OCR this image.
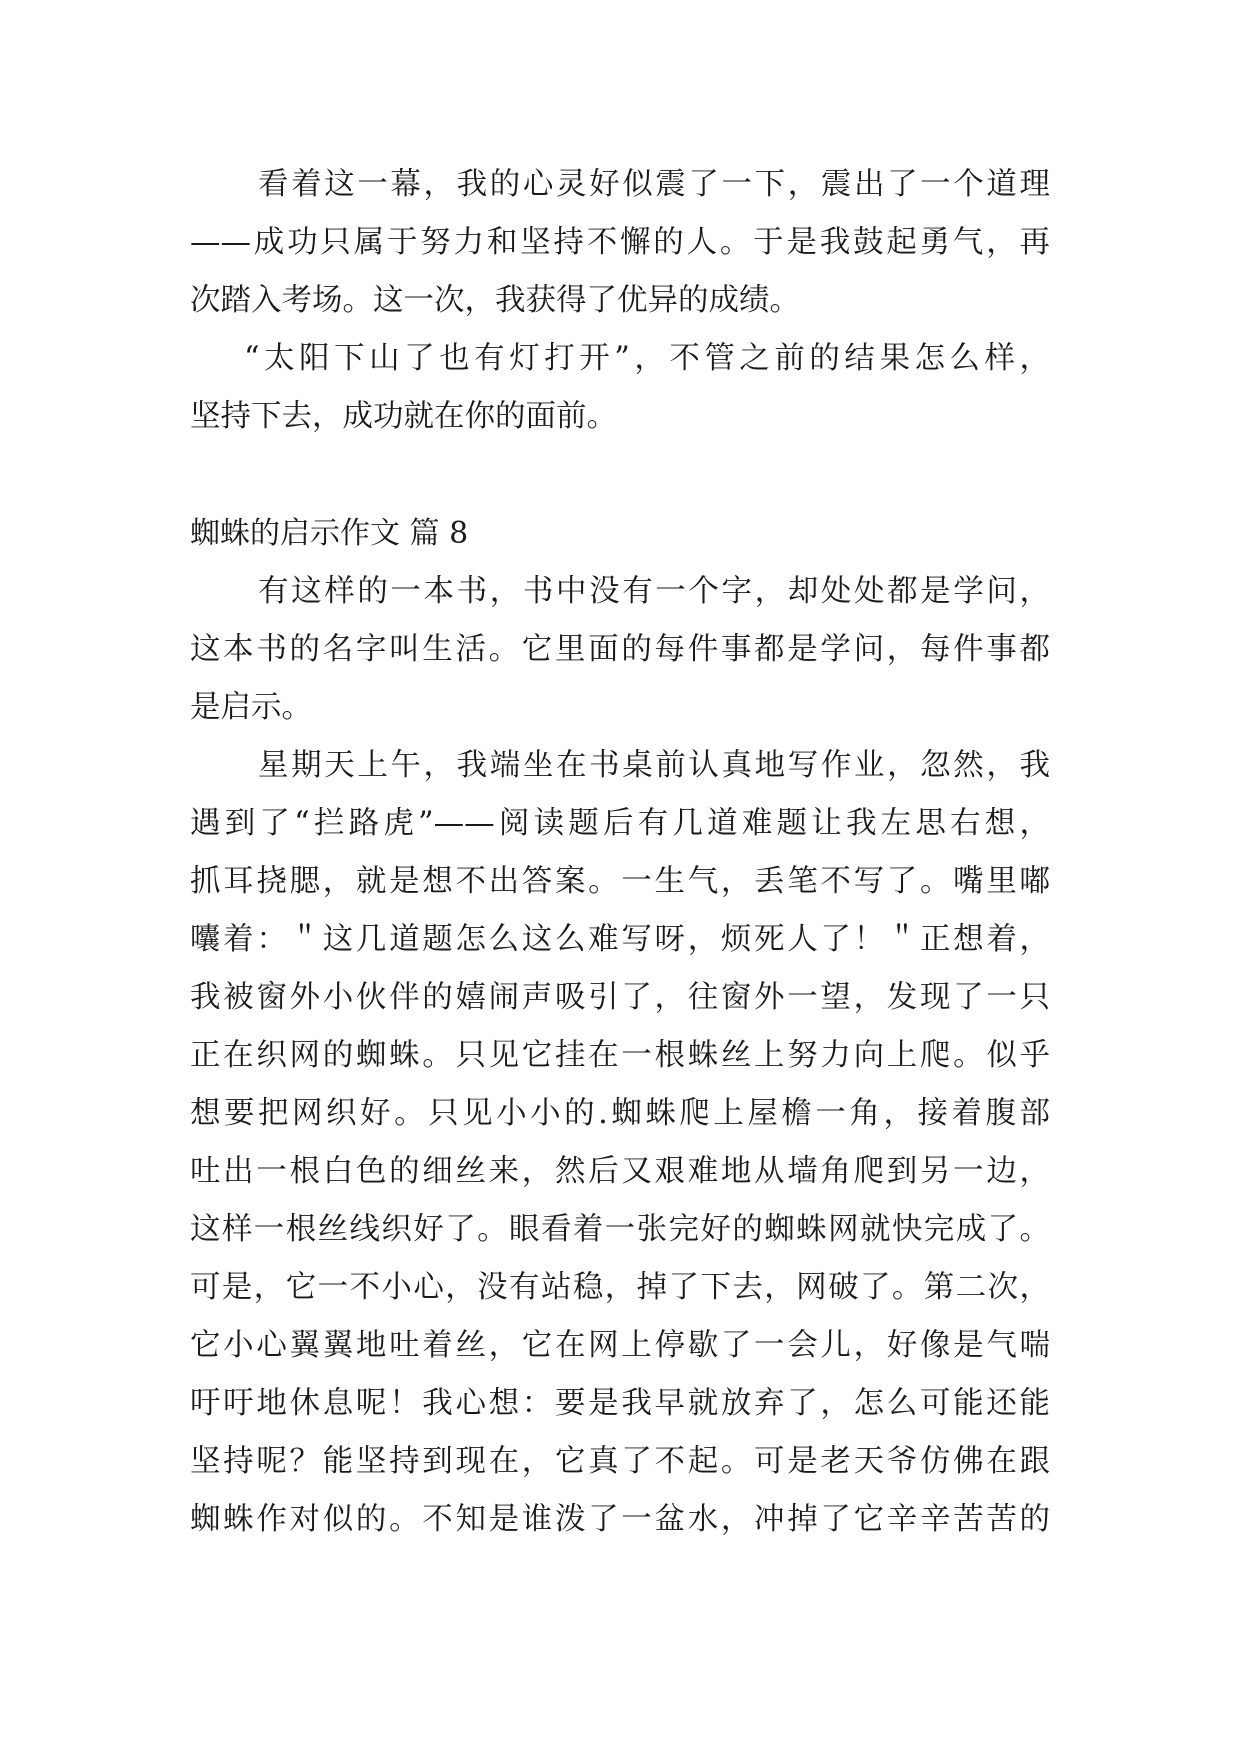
看着这一幕，我的心灵好似震了一下，震出了一个道理
——成功只属于努力和坚持不懈的人。于是我鼓起勇气，再
次踏入考场。这一次，我获得了优异的成绩。
“太阳下山了也有灯打开”，不管之前的结果怎么样，
坚持下去，成功就在你的面前。
蜘蛛的启示作文 篇 8
有这样的一本书，书中没有一个字，却处处都是学问，
这本书的名字叫生活。它里面的每件事都是学问，每件事都
是启示。
星期天上午，我端坐在书桌前认真地写作业，忽然，我
遇到了“拦路虎”——阅读题后有几道难题让我左思右想，
抓耳挠腮，就是想不出答案。一生气，丢笔不写了。嘴里嘟
囔着：＂这几道题怎么这么难写呀，烦死人了！＂正想着，
我被窗外小伙伴的嬉闹声吸引了，往窗外一望，发现了一只
正在织网的蜘蛛。只见它挂在一根蛛丝上努力向上爬。似乎
想要把网织好。只见小小的.蜘蛛爬上屋檐一角，接着腹部
吐出一根白色的细丝来，然后又艰难地从墙角爬到另一边，
这样一根丝线织好了。眼看着一张完好的蜘蛛网就快完成了。
可是，它一不小心，没有站稳，掉了下去，网破了。第二次，
它小心翼翼地吐着丝，它在网上停歇了一会儿，好像是气喘
吁吁地休息呢！我心想：要是我早就放弃了，怎么可能还能
坚持呢？能坚持到现在，它真了不起。可是老天爷仿佛在跟
蜘蛛作对似的。不知是谁泼了一盆水，冲掉了它辛辛苦苦的
